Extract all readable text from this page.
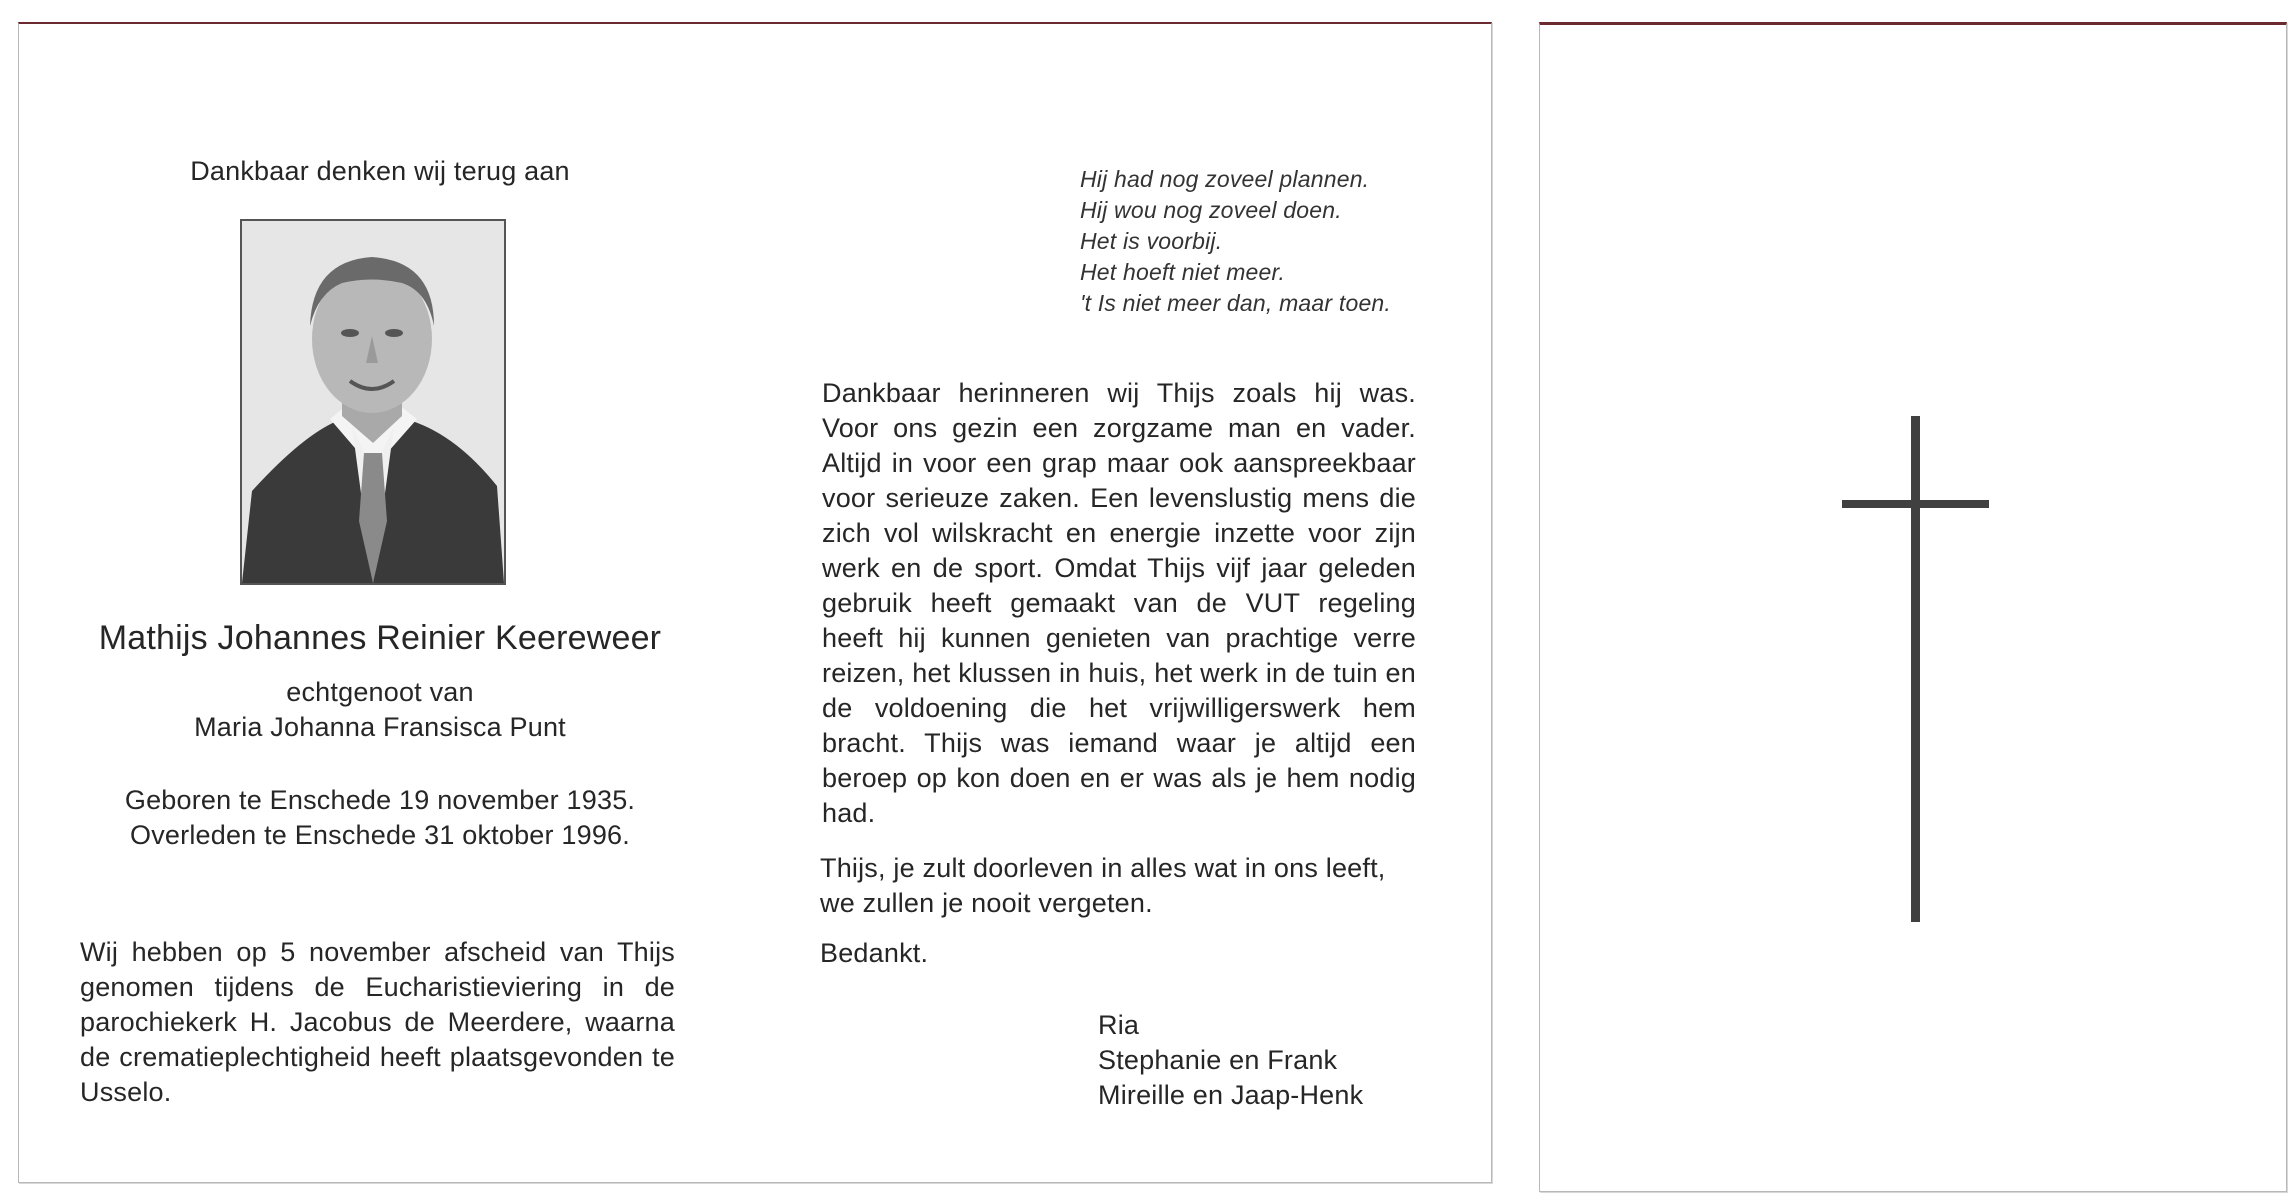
Dankbaar denken wij terug aan
Mathijs Johannes Reinier Keereweer
echtgenoot van
Maria Johanna Fransisca Punt
Geboren te Enschede 19 november 1935.
Overleden te Enschede 31 oktober 1996.
Wij hebben op 5 november afscheid van Thijs genomen tijdens de Eucharistieviering in de parochiekerk H. Jacobus de Meerdere, waarna de crematieplechtigheid heeft plaatsgevonden te Usselo.
Hij had nog zoveel plannen.
Hij wou nog zoveel doen.
Het is voorbij.
Het hoeft niet meer.
't Is niet meer dan, maar toen.
Dankbaar herinneren wij Thijs zoals hij was. Voor ons gezin een zorgzame man en vader. Altijd in voor een grap maar ook aanspreekbaar voor serieuze zaken. Een levenslustig mens die zich vol wilskracht en energie inzette voor zijn werk en de sport. Omdat Thijs vijf jaar geleden gebruik heeft gemaakt van de VUT regeling heeft hij kunnen genieten van prachtige verre reizen, het klussen in huis, het werk in de tuin en de voldoening die het vrijwilligerswerk hem bracht. Thijs was iemand waar je altijd een beroep op kon doen en er was als je hem nodig had.
Thijs, je zult doorleven in alles wat in ons leeft, we zullen je nooit vergeten.
Bedankt.
Ria
Stephanie en Frank
Mireille en Jaap-Henk
